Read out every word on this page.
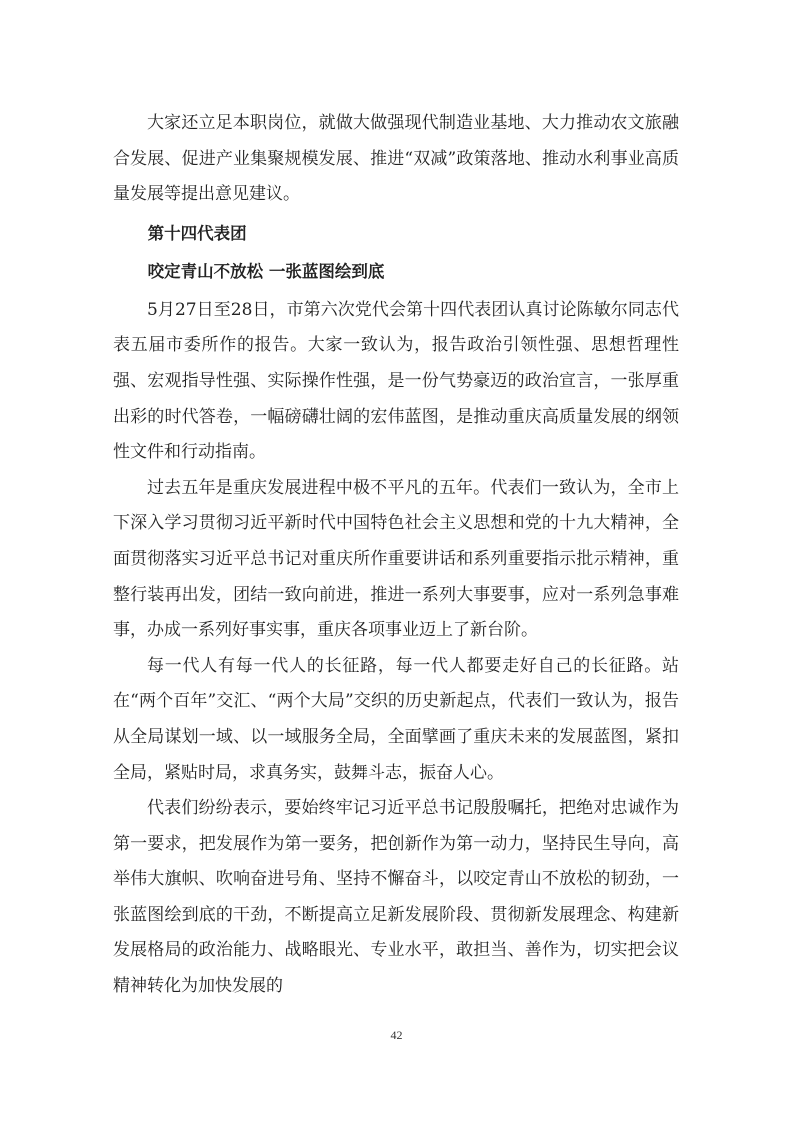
大家还立足本职岗位，就做大做强现代制造业基地、大力推动农文旅融合发展、促进产业集聚规模发展、推进“双减”政策落地、推动水利事业高质量发展等提出意见建议。

第十四代表团

咬定青山不放松 一张蓝图绘到底

5月27日至28日，市第六次党代会第十四代表团认真讨论陈敏尔同志代表五届市委所作的报告。大家一致认为，报告政治引领性强、思想哲理性强、宏观指导性强、实际操作性强，是一份气势豪迈的政治宣言，一张厚重出彩的时代答卷，一幅磅礴壮阔的宏伟蓝图，是推动重庆高质量发展的纲领性文件和行动指南。

过去五年是重庆发展进程中极不平凡的五年。代表们一致认为，全市上下深入学习贯彻习近平新时代中国特色社会主义思想和党的十九大精神，全面贯彻落实习近平总书记对重庆所作重要讲话和系列重要指示批示精神，重整行装再出发，团结一致向前进，推进一系列大事要事，应对一系列急事难事，办成一系列好事实事，重庆各项事业迈上了新台阶。

每一代人有每一代人的长征路，每一代人都要走好自己的长征路。站在“两个百年”交汇、“两个大局”交织的历史新起点，代表们一致认为，报告从全局谋划一域、以一域服务全局，全面擘画了重庆未来的发展蓝图，紧扣全局，紧贴时局，求真务实，鼓舞斗志，振奋人心。

代表们纷纷表示，要始终牢记习近平总书记殷殷嘱托，把绝对忠诚作为第一要求，把发展作为第一要务，把创新作为第一动力，坚持民生导向，高举伟大旗帜、吹响奋进号角、坚持不懈奋斗，以咬定青山不放松的韧劲，一张蓝图绘到底的干劲，不断提高立足新发展阶段、贯彻新发展理念、构建新发展格局的政治能力、战略眼光、专业水平，敢担当、善作为，切实把会议精神转化为加快发展的

42
